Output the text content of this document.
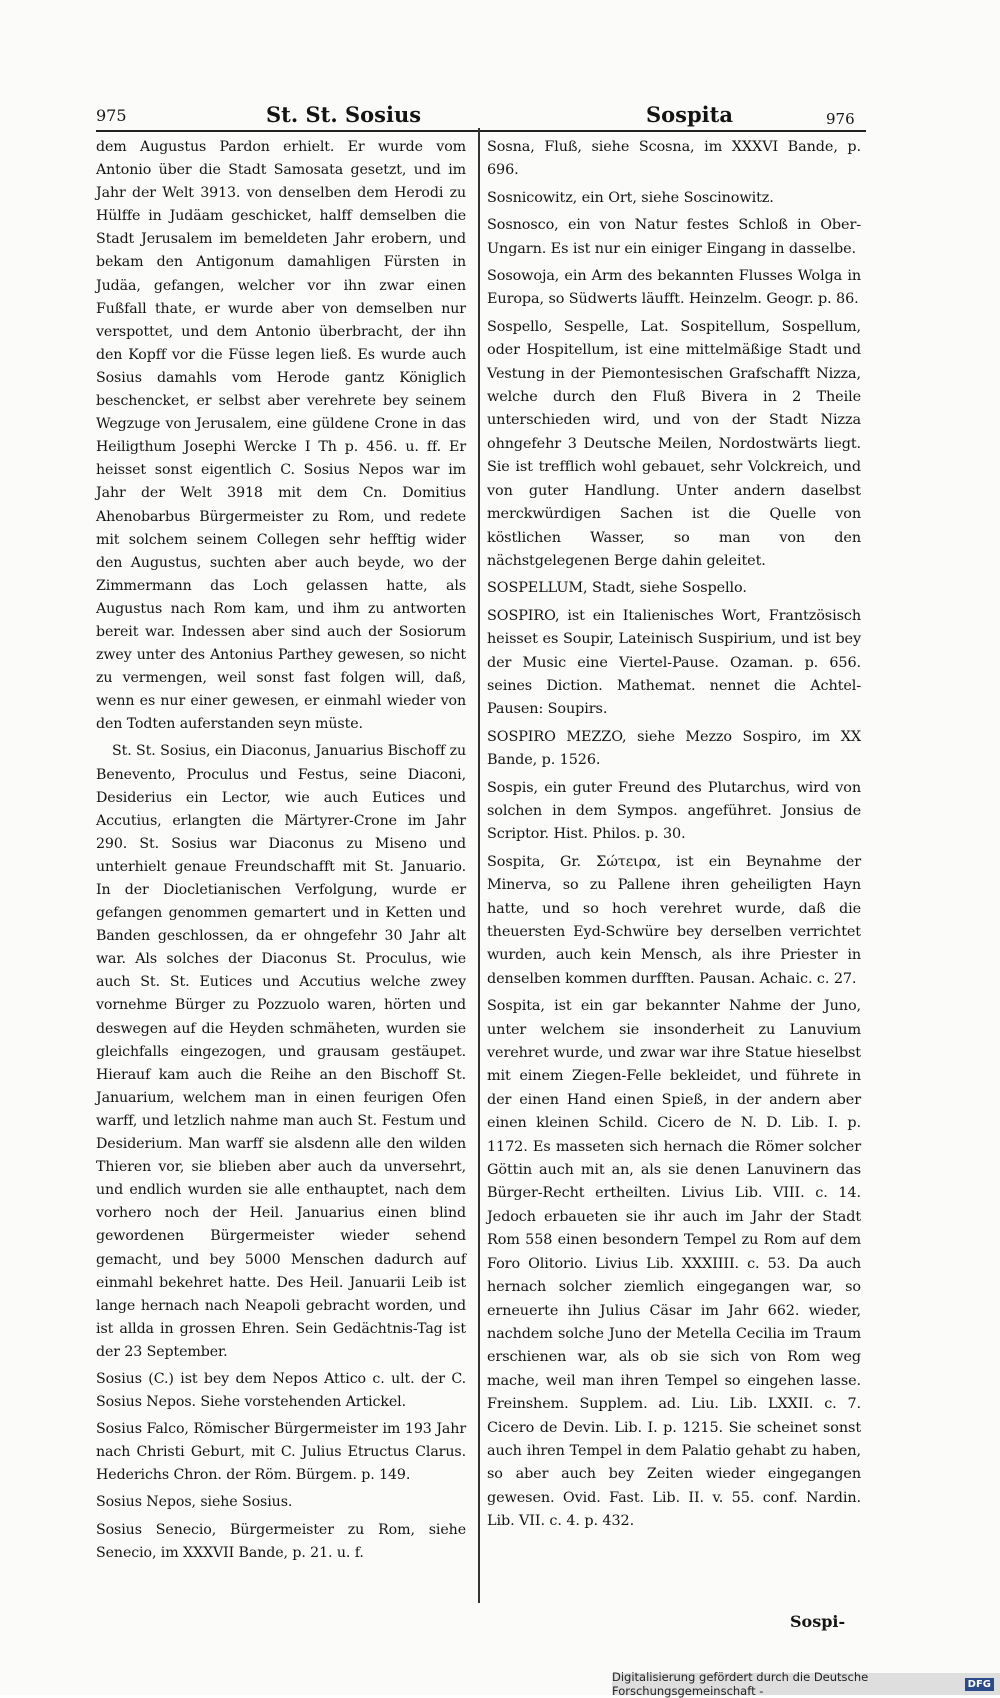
975	St. St. Sosius	Sospita	976

dem Augustus Pardon erhielt. Er wurde vom Antonio über die Stadt Samosata gesetzt, und im Jahr der Welt 3913. von denselben dem Herodi zu Hülffe in Judäam geschicket, halff demselben die Stadt Jerusalem im bemeldeten Jahr erobern, und bekam den Antigonum damahligen Fürsten in Judäa, gefangen, welcher vor ihn zwar einen Fußfall thate, er wurde aber von demselben nur verspottet, und dem Antonio überbracht, der ihn den Kopff vor die Füsse legen ließ. Es wurde auch Sosius damahls vom Herode gantz Königlich beschencket, er selbst aber verehrete bey seinem Wegzuge von Jerusalem, eine güldene Crone in das Heiligthum Josephi Wercke I Th p. 456. u. ff. Er heisset sonst eigentlich C. Sosius Nepos war im Jahr der Welt 3918 mit dem Cn. Domitius Ahenobarbus Bürgermeister zu Rom, und redete mit solchem seinem Collegen sehr hefftig wider den Augustus, suchten aber auch beyde, wo der Zimmermann das Loch gelassen hatte, als Augustus nach Rom kam, und ihm zu antworten bereit war. Indessen aber sind auch der Sosiorum zwey unter des Antonius Parthey gewesen, so nicht zu vermengen, weil sonst fast folgen will, daß, wenn es nur einer gewesen, er einmahl wieder von den Todten auferstanden seyn müste.

St. St. Sosius, ein Diaconus, Januarius Bischoff zu Benevento, Proculus und Festus, seine Diaconi, Desiderius ein Lector, wie auch Eutices und Accutius, erlangten die Märtyrer-Crone im Jahr 290. St. Sosius war Diaconus zu Miseno und unterhielt genaue Freundschafft mit St. Januario. In der Diocletianischen Verfolgung, wurde er gefangen genommen gemartert und in Ketten und Banden geschlossen, da er ohngefehr 30 Jahr alt war. Als solches der Diaconus St. Proculus, wie auch St. St. Eutices und Accutius welche zwey vornehme Bürger zu Pozzuolo waren, hörten und deswegen auf die Heyden schmäheten, wurden sie gleichfalls eingezogen, und grausam gestäupet. Hierauf kam auch die Reihe an den Bischoff St. Januarium, welchem man in einen feurigen Ofen warff, und letzlich nahme man auch St. Festum und Desiderium. Man warff sie alsdenn alle den wilden Thieren vor, sie blieben aber auch da unversehrt, und endlich wurden sie alle enthauptet, nach dem vorhero noch der Heil. Januarius einen blind gewordenen Bürgermeister wieder sehend gemacht, und bey 5000 Menschen dadurch auf einmahl bekehret hatte. Des Heil. Januarii Leib ist lange hernach nach Neapoli gebracht worden, und ist allda in grossen Ehren. Sein Gedächtnis-Tag ist der 23 September.

Sosius (C.) ist bey dem Nepos Attico c. ult. der C. Sosius Nepos. Siehe vorstehenden Artickel.

Sosius Falco, Römischer Bürgermeister im 193 Jahr nach Christi Geburt, mit C. Julius Etructus Clarus. Hederichs Chron. der Röm. Bürgem. p. 149.

Sosius Nepos, siehe Sosius.

Sosius Senecio, Bürgermeister zu Rom, siehe Senecio, im XXXVII Bande, p. 21. u. f.

Sosna, Fluß, siehe Scosna, im XXXVI Bande, p. 696.

Sosnicowitz, ein Ort, siehe Soscinowitz.

Sosnosco, ein von Natur festes Schloß in Ober-Ungarn. Es ist nur ein einiger Eingang in dasselbe.

Sosowoja, ein Arm des bekannten Flusses Wolga in Europa, so Südwerts läufft. Heinzelm. Geogr. p. 86.

Sospello, Sespelle, Lat. Sospitellum, Sospellum, oder Hospitellum, ist eine mittelmäßige Stadt und Vestung in der Piemontesischen Grafschafft Nizza, welche durch den Fluß Bivera in 2 Theile unterschieden wird, und von der Stadt Nizza ohngefehr 3 Deutsche Meilen, Nordostwärts liegt. Sie ist trefflich wohl gebauet, sehr Volckreich, und von guter Handlung. Unter andern daselbst merckwürdigen Sachen ist die Quelle von köstlichen Wasser, so man von den nächstgelegenen Berge dahin geleitet.

SOSPELLUM, Stadt, siehe Sospello.

SOSPIRO, ist ein Italienisches Wort, Frantzösisch heisset es Soupir, Lateinisch Suspirium, und ist bey der Music eine Viertel-Pause. Ozaman. p. 656. seines Diction. Mathemat. nennet die Achtel-Pausen: Soupirs.

SOSPIRO MEZZO, siehe Mezzo Sospiro, im XX Bande, p. 1526.

Sospis, ein guter Freund des Plutarchus, wird von solchen in dem Sympos. angeführet. Jonsius de Scriptor. Hist. Philos. p. 30.

Sospita, Gr. Σώτειρα, ist ein Beynahme der Minerva, so zu Pallene ihren geheiligten Hayn hatte, und so hoch verehret wurde, daß die theuersten Eyd-Schwüre bey derselben verrichtet wurden, auch kein Mensch, als ihre Priester in denselben kommen durfften. Pausan. Achaic. c. 27.

Sospita, ist ein gar bekannter Nahme der Juno, unter welchem sie insonderheit zu Lanuvium verehret wurde, und zwar war ihre Statue hieselbst mit einem Ziegen-Felle bekleidet, und führete in der einen Hand einen Spieß, in der andern aber einen kleinen Schild. Cicero de N. D. Lib. I. p. 1172. Es masseten sich hernach die Römer solcher Göttin auch mit an, als sie denen Lanuvinern das Bürger-Recht ertheilten. Livius Lib. VIII. c. 14. Jedoch erbaueten sie ihr auch im Jahr der Stadt Rom 558 einen besondern Tempel zu Rom auf dem Foro Olitorio. Livius Lib. XXXIIII. c. 53. Da auch hernach solcher ziemlich eingegangen war, so erneuerte ihn Julius Cäsar im Jahr 662. wieder, nachdem solche Juno der Metella Cecilia im Traum erschienen war, als ob sie sich von Rom weg mache, weil man ihren Tempel so eingehen lasse. Freinshem. Supplem. ad. Liu. Lib. LXXII. c. 7. Cicero de Devin. Lib. I. p. 1215. Sie scheinet sonst auch ihren Tempel in dem Palatio gehabt zu haben, so aber auch bey Zeiten wieder eingegangen gewesen. Ovid. Fast. Lib. II. v. 55. conf. Nardin. Lib. VII. c. 4. p. 432.

Sospi-
Digitalisierung gefördert durch die Deutsche Forschungsgemeinschaft -	DFG
